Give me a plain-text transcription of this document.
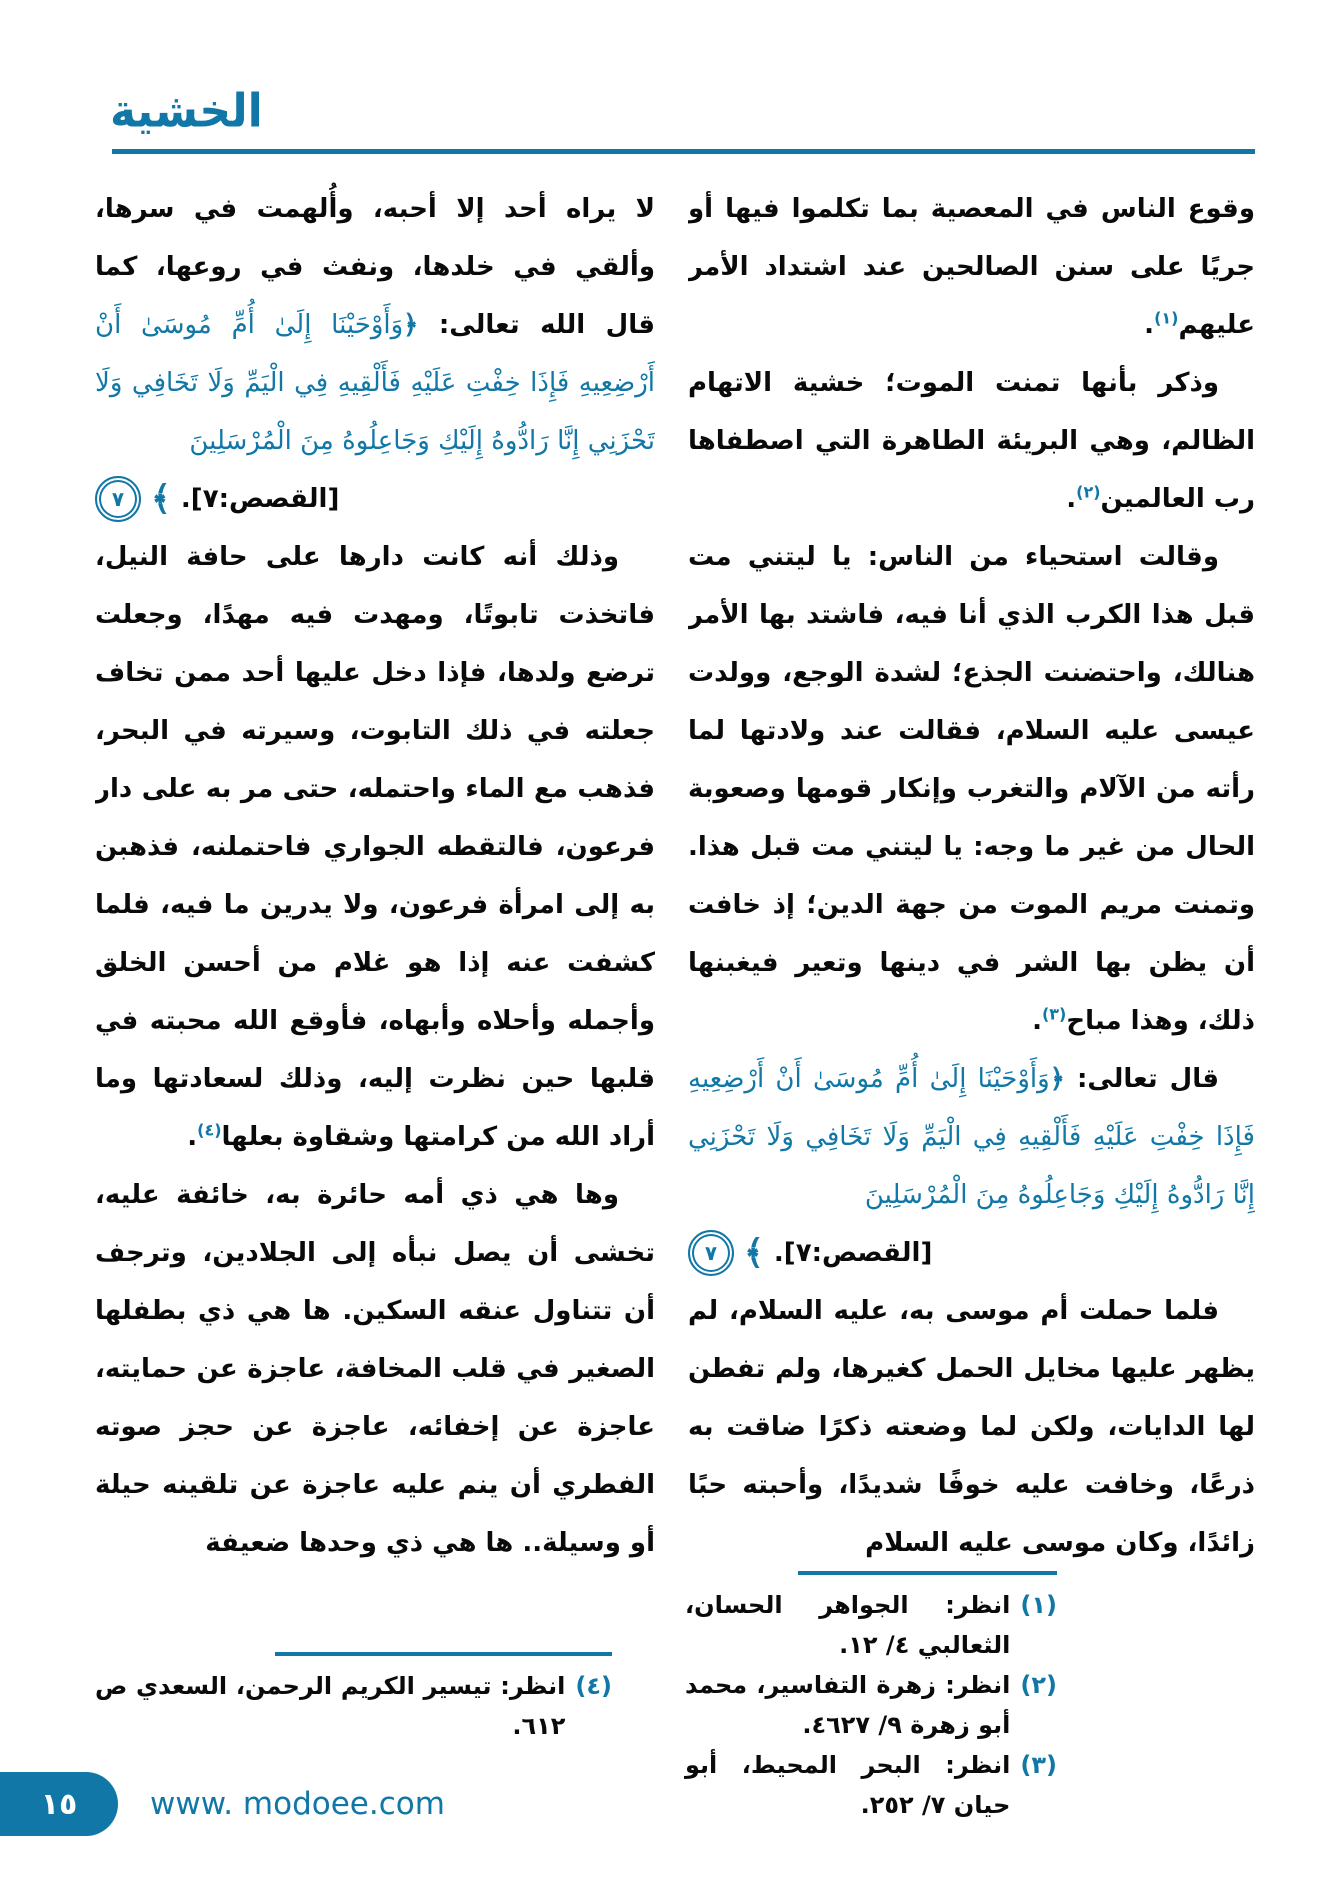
الخشية
وقوع الناس في المعصية بما تكلموا فيها أو جريًا على سنن الصالحين عند اشتداد الأمر عليهم$^{(١)}$.
وذكر بأنها تمنت الموت؛ خشية الاتهام الظالم، وهي البريئة الطاهرة التي اصطفاها رب العالمين$^{(٢)}$.
وقالت استحياء من الناس: يا ليتني مت قبل هذا الكرب الذي أنا فيه، فاشتد بها الأمر هنالك، واحتضنت الجذع؛ لشدة الوجع، وولدت عيسى عليه السلام، فقالت عند ولادتها لما رأته من الآلام والتغرب وإنكار قومها وصعوبة الحال من غير ما وجه: يا ليتني مت قبل هذا. وتمنت مريم الموت من جهة الدين؛ إذ خافت أن يظن بها الشر في دينها وتعير فيغبنها ذلك، وهذا مباح$^{(٣)}$.
قال تعالى: ﴿وَأَوْحَيْنَا إِلَىٰ أُمِّ مُوسَىٰ أَنْ أَرْضِعِيهِ فَإِذَا خِفْتِ عَلَيْهِ فَأَلْقِيهِ فِي الْيَمِّ وَلَا تَخَافِي وَلَا تَحْزَنِي إِنَّا رَادُّوهُ إِلَيْكِ وَجَاعِلُوهُ مِنَ الْمُرْسَلِينَ
٧ ﴾ [القصص:٧].
فلما حملت أم موسى به، عليه السلام، لم يظهر عليها مخايل الحمل كغيرها، ولم تفطن لها الدايات، ولكن لما وضعته ذكرًا ضاقت به ذرعًا، وخافت عليه خوفًا شديدًا، وأحبته حبًا زائدًا، وكان موسى عليه السلام
لا يراه أحد إلا أحبه، وأُلهمت في سرها، وألقي في خلدها، ونفث في روعها، كما قال الله تعالى: ﴿وَأَوْحَيْنَا إِلَىٰ أُمِّ مُوسَىٰ أَنْ أَرْضِعِيهِ فَإِذَا خِفْتِ عَلَيْهِ فَأَلْقِيهِ فِي الْيَمِّ وَلَا تَخَافِي وَلَا تَحْزَنِي إِنَّا رَادُّوهُ إِلَيْكِ وَجَاعِلُوهُ مِنَ الْمُرْسَلِينَ
٧ ﴾ [القصص:٧].
وذلك أنه كانت دارها على حافة النيل، فاتخذت تابوتًا، ومهدت فيه مهدًا، وجعلت ترضع ولدها، فإذا دخل عليها أحد ممن تخاف جعلته في ذلك التابوت، وسيرته في البحر، فذهب مع الماء واحتمله، حتى مر به على دار فرعون، فالتقطه الجواري فاحتملنه، فذهبن به إلى امرأة فرعون، ولا يدرين ما فيه، فلما كشفت عنه إذا هو غلام من أحسن الخلق وأجمله وأحلاه وأبهاه، فأوقع الله محبته في قلبها حين نظرت إليه، وذلك لسعادتها وما أراد الله من كرامتها وشقاوة بعلها$^{(٤)}$.
وها هي ذي أمه حائرة به، خائفة عليه، تخشى أن يصل نبأه إلى الجلادين، وترجف أن تتناول عنقه السكين. ها هي ذي بطفلها الصغير في قلب المخافة، عاجزة عن حمايته، عاجزة عن إخفائه، عاجزة عن حجز صوته الفطري أن ينم عليه عاجزة عن تلقينه حيلة أو وسيلة.. ها هي ذي وحدها ضعيفة
(١)
انظر: الجواهر الحسان، الثعالبي ٤/ ١٢.
(٢)
انظر: زهرة التفاسير، محمد أبو زهرة ٩/ ٤٦٢٧.
(٣)
انظر: البحر المحيط، أبو حيان ٧/ ٢٥٢.
(٤)
انظر: تيسير الكريم الرحمن، السعدي ص ٦١٢.
١٥ www. modoee.com
